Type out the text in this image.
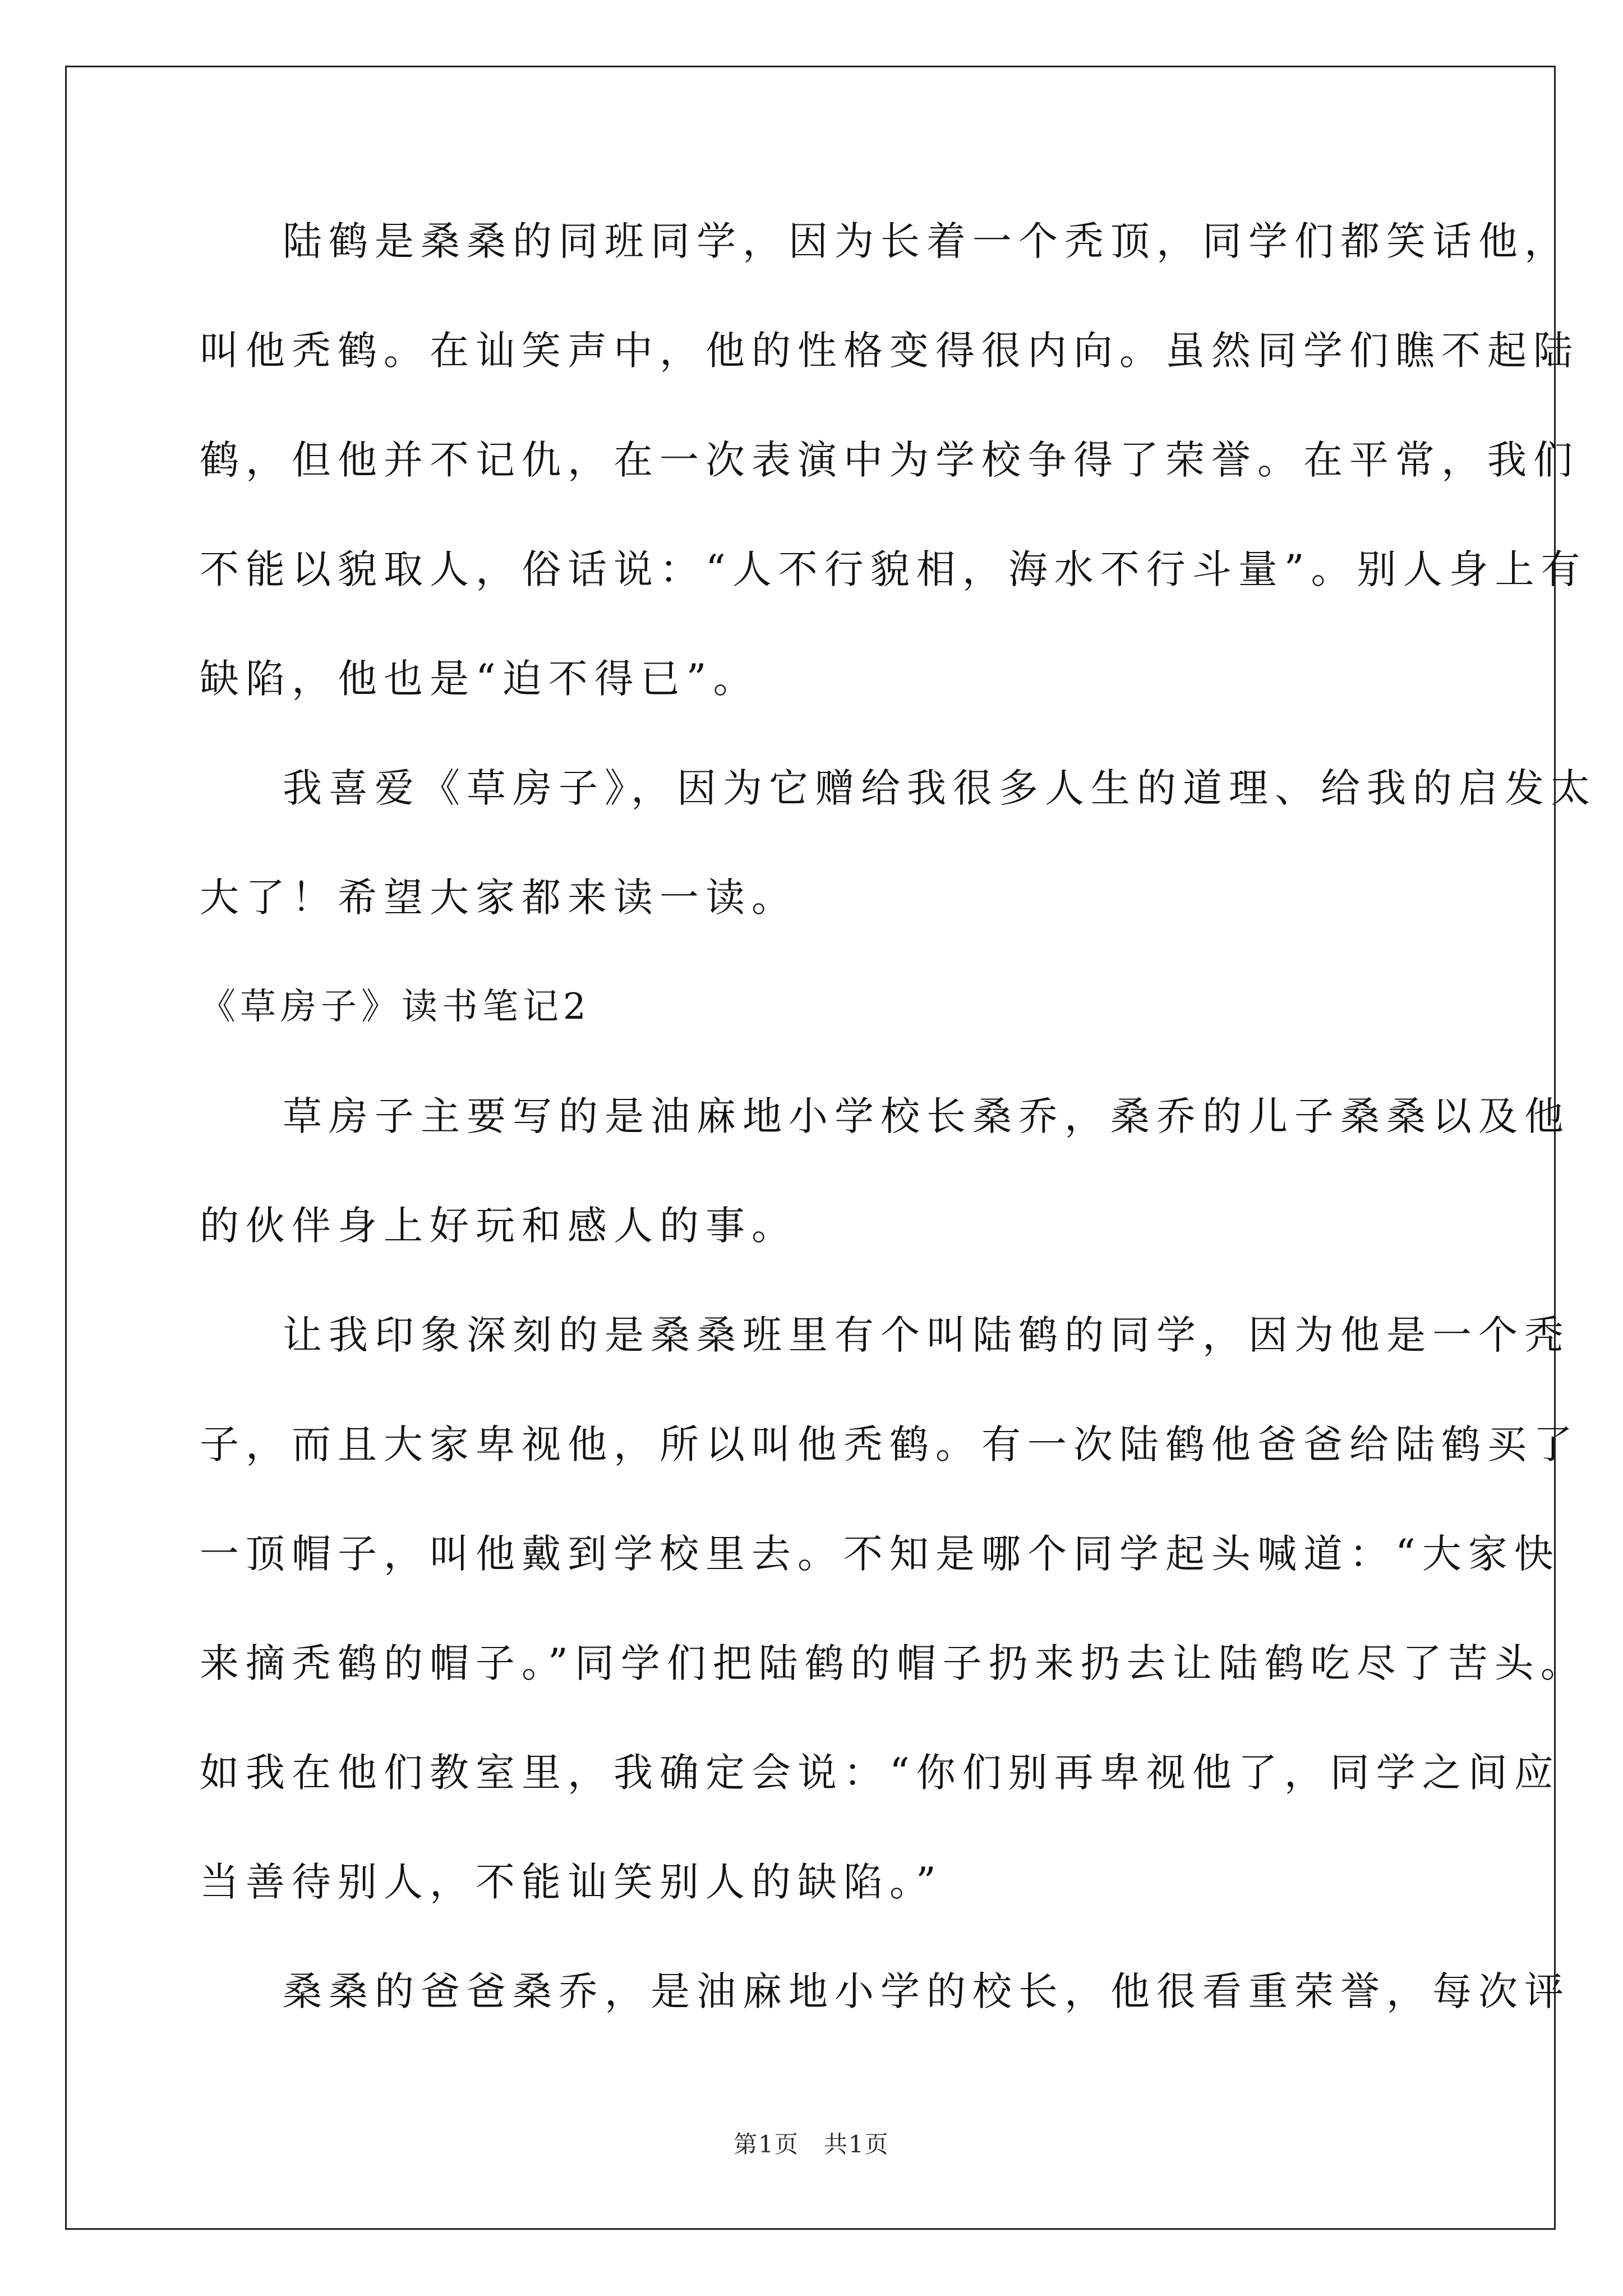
陆鹤是桑桑的同班同学，因为长着一个秃顶，同学们都笑话他，
叫他秃鹤。在讪笑声中，他的性格变得很内向。虽然同学们瞧不起陆
鹤，但他并不记仇，在一次表演中为学校争得了荣誉。在平常，我们
不能以貌取人，俗话说：“人不行貌相，海水不行斗量”。别人身上有
缺陷，他也是“迫不得已”。
我喜爱《草房子》，因为它赠给我很多人生的道理、给我的启发太
大了！希望大家都来读一读。
《草房子》读书笔记2
草房子主要写的是油麻地小学校长桑乔，桑乔的儿子桑桑以及他
的伙伴身上好玩和感人的事。
让我印象深刻的是桑桑班里有个叫陆鹤的同学，因为他是一个秃
子，而且大家卑视他，所以叫他秃鹤。有一次陆鹤他爸爸给陆鹤买了
一顶帽子，叫他戴到学校里去。不知是哪个同学起头喊道：“大家快
来摘秃鹤的帽子。”同学们把陆鹤的帽子扔来扔去让陆鹤吃尽了苦头。
如我在他们教室里，我确定会说：“你们别再卑视他了，同学之间应
当善待别人，不能讪笑别人的缺陷。”
桑桑的爸爸桑乔，是油麻地小学的校长，他很看重荣誉，每次评
第1页　共1页
